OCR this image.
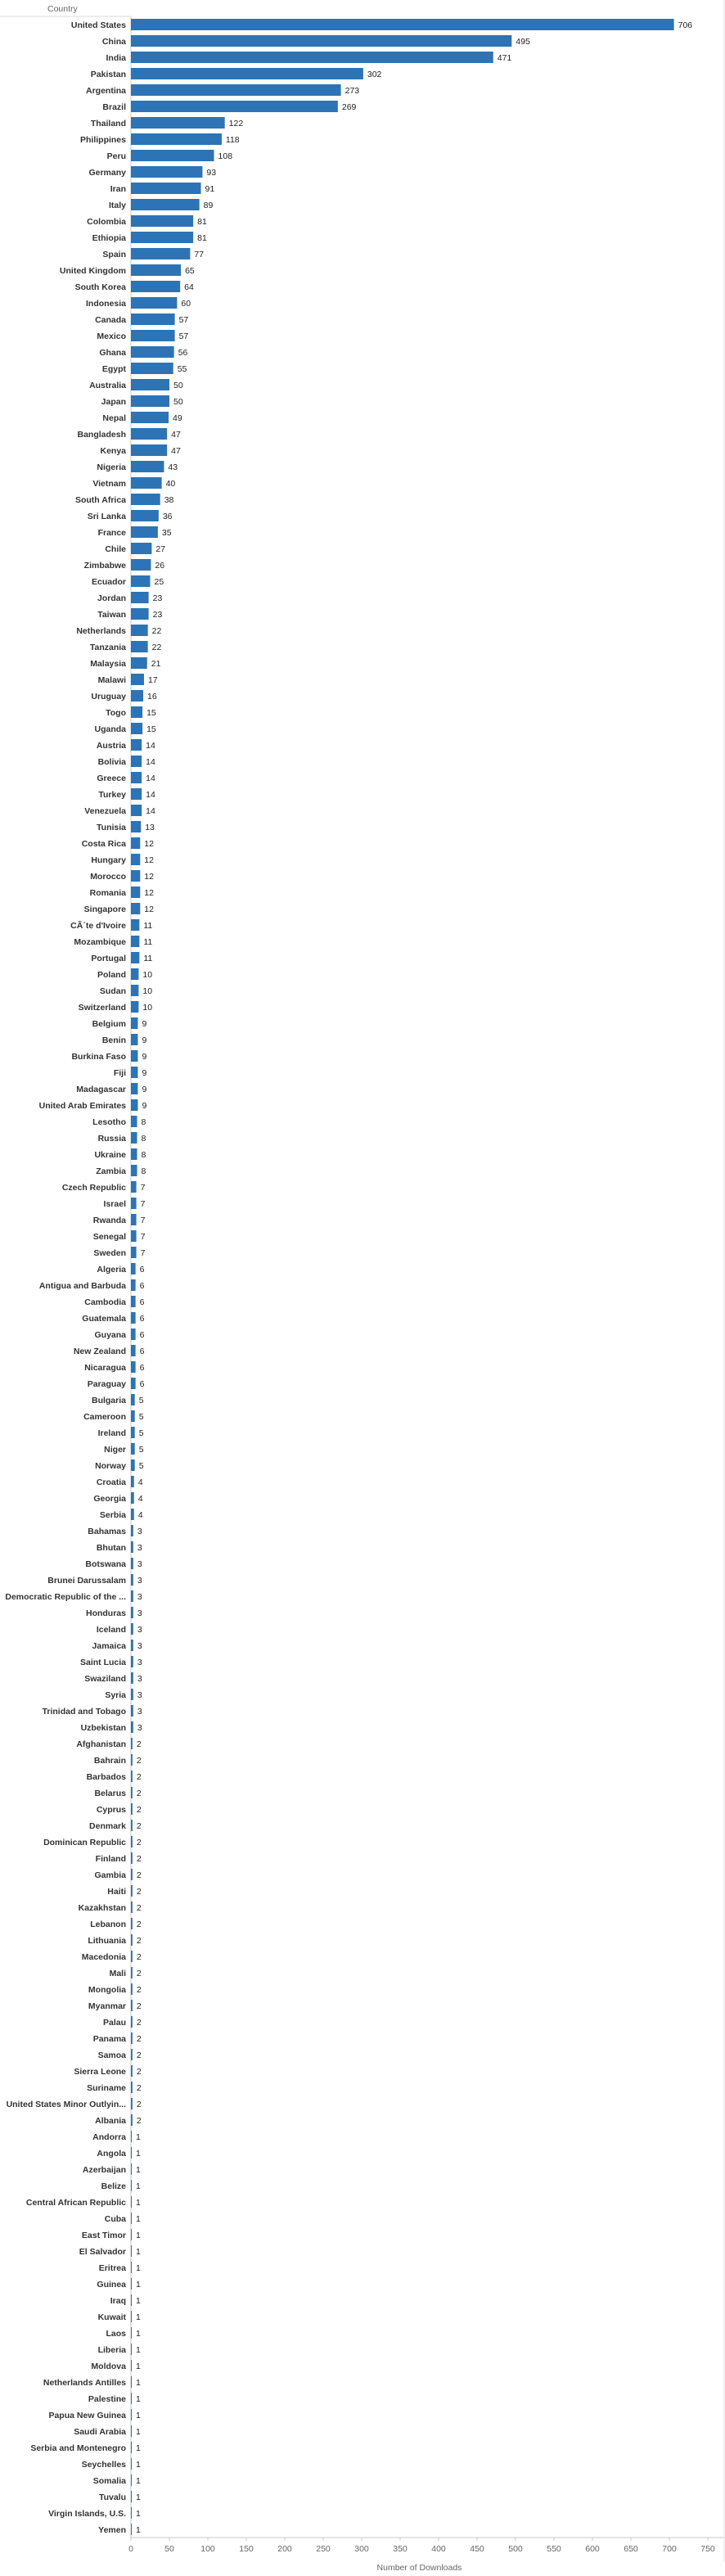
Country
United States	706
China	495
India	471
Pakistan	302
Argentina	273
Brazil	269
Thailand	122
Philippines	118
Peru	108
Germany	93
Iran	91
Italy	89
Colombia	81
Ethiopia	81
Spain	77
United Kingdom	65
South Korea	64
Indonesia	60
Canada	57
Mexico	57
Ghana	56
Egypt	55
Australia	50
Japan	50
Nepal	49
Bangladesh	47
Kenya	47
Nigeria	43
Vietnam	40
South Africa	38
Sri Lanka	36
France	35
Chile	27
Zimbabwe	26
Ecuador	25
Jordan	23
Taiwan	23
Netherlands	22
Tanzania	22
Malaysia	21
Malawi	17
Uruguay 16
Togo 15
Uganda 15
Austria 14
Bolivia 14
Greece 14
Turkey 14
Venezuela 14
Tunisia 13
Costa Rica 12
Hungary 12
Morocco 12
Romania 12
Singapore 12
CÃ´te d'Ivoire 11
Mozambique 11
Portugal 11
Poland 10
Sudan 10
Switzerland 10
Belgium 9
Benin 9
Burkina Faso 9
Fiji 9
Madagascar 9
United Arab Emirates 9
Lesotho 8
Russia 8
Ukraine 8
Zambia 8
Czech Republic 7
Israel 7
Rwanda 7
Senegal 7
Sweden 7
Algeria 6
Antigua and Barbuda 6
Cambodia 6
Guatemala 6
Guyana 6
New Zealand 6
Nicaragua 6
Paraguay 6
Bulgaria 5
Cameroon 5
Ireland 5
Niger 5
Norway 5
Croatia 4
Georgia 4
Serbia 4
Bahamas 3
Bhutan 3
Botswana 3
Brunei Darussalam 3
Democratic Republic of the ... 3
Honduras 3
Iceland 3
Jamaica 3
Saint Lucia 3
Swaziland 3
Syria 3
Trinidad and Tobago 3
Uzbekistan 3
Afghanistan 2
Bahrain 2
Barbados 2
Belarus 2
Cyprus 2
Denmark 2
Dominican Republic 2
Finland 2
Gambia 2
Haiti 2
Kazakhstan 2
Lebanon 2
Lithuania 2
Macedonia 2
Mali 2
Mongolia 2
Myanmar 2
Palau 2
Panama 2
Samoa 2
Sierra Leone 2
Suriname 2
United States Minor Outlyin... 2
Albania 2
Andorra 1
Angola 1
Azerbaijan 1
Belize 1
Central African Republic 1
Cuba 1
East Timor 1
El Salvador 1
Eritrea 1
Guinea 1
Iraq 1
Kuwait 1
Laos 1
Liberia 1
Moldova 1
Netherlands Antilles 1
Palestine 1
Papua New Guinea 1
Saudi Arabia 1
Serbia and Montenegro 1
Seychelles 1
Somalia 1
Tuvalu 1
Virgin Islands, U.S. 1
Yemen 1
0	50	100	150	200	250	300	350	400	450	500	550	600	650	700	750
Number of Downloads
